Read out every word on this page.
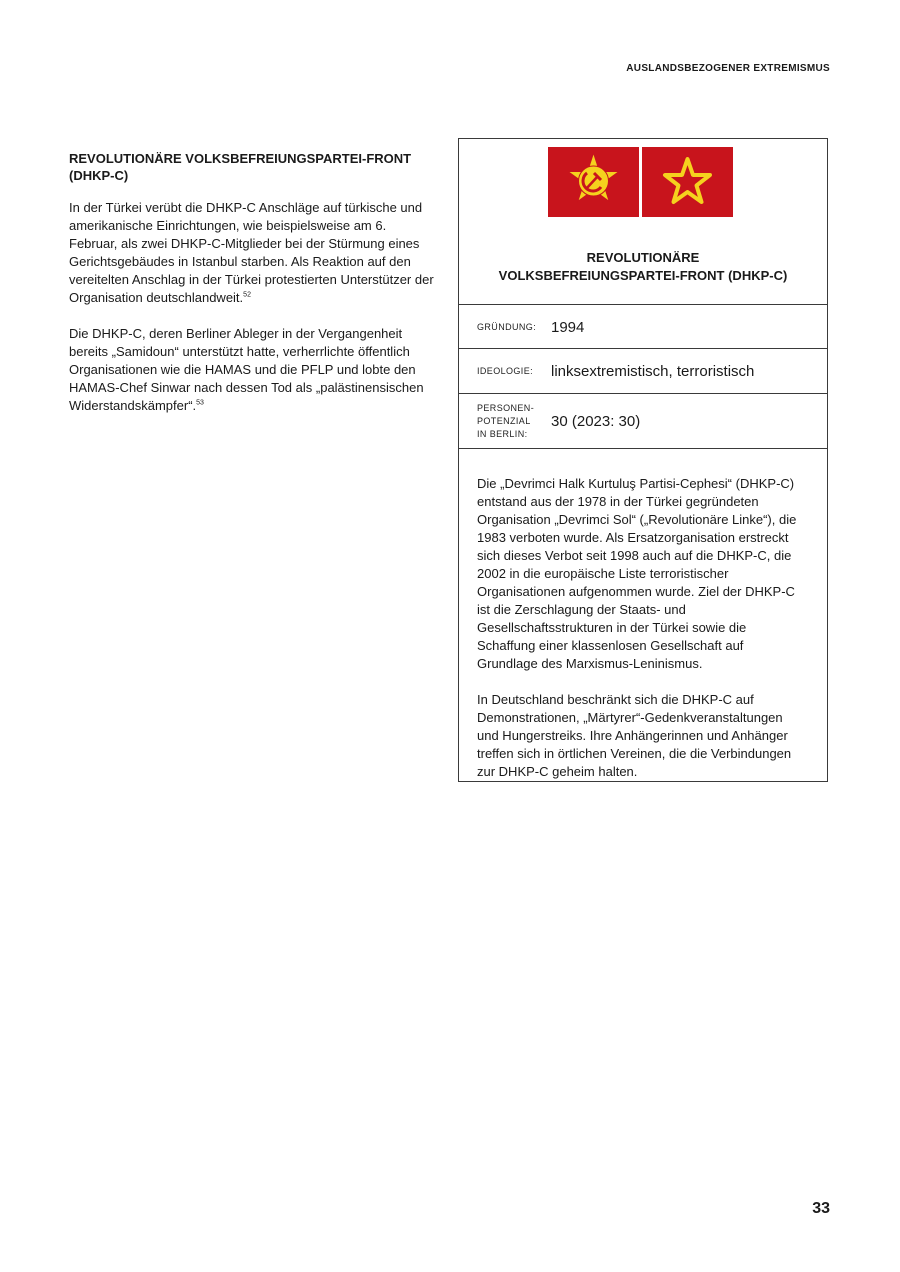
AUSLANDSBEZOGENER EXTREMISMUS
REVOLUTIONÄRE VOLKSBEFREIUNGSPARTEI-FRONT (DHKP-C)

In der Türkei verübt die DHKP-C Anschläge auf türkische und amerikanische Einrichtungen, wie beispielsweise am 6. Februar, als zwei DHKP-C-Mitglieder bei der Stürmung eines Gerichtsgebäudes in Istanbul starben. Als Reaktion auf den vereitelten Anschlag in der Türkei protestierten Unterstützer der Organisation deutschlandweit.$^{52}$

Die DHKP-C, deren Berliner Ableger in der Vergangenheit bereits „Samidoun“ unterstützt hatte, verherrlichte öffentlich Organisationen wie die HAMAS und die PFLP und lobte den HAMAS-Chef Sinwar nach dessen Tod als „palästinensischen Widerstandskämpfer“.$^{53}$

REVOLUTIONÄRE
VOLKSBEFREIUNGSPARTEI-FRONT (DHKP-C)
GRÜNDUNG: 1994
IDEOLOGIE:	linksextremistisch, terroristisch
PERSONEN-
POTENZIAL
IN BERLIN:
30 (2023: 30)

Die „Devrimci Halk Kurtuluş Partisi-Cephesi“ (DHKP-C) entstand aus der 1978 in der Türkei gegründeten Organisation „Devrimci Sol“ („Revolutionäre Linke“), die 1983 verboten wurde. Als Ersatzorganisation erstreckt sich dieses Verbot seit 1998 auch auf die DHKP-C, die 2002 in die europäische Liste terroristischer Organisationen aufgenommen wurde. Ziel der DHKP-C ist die Zerschlagung der Staats- und Gesellschaftsstrukturen in der Türkei sowie die Schaffung einer klassenlosen Gesellschaft auf Grundlage des Marxismus-Leninismus.

In Deutschland beschränkt sich die DHKP-C auf Demonstrationen, „Märtyrer“-Gedenkveranstaltungen und Hungerstreiks. Ihre Anhängerinnen und Anhänger treffen sich in örtlichen Vereinen, die die Verbindungen zur DHKP-C geheim halten.

33
